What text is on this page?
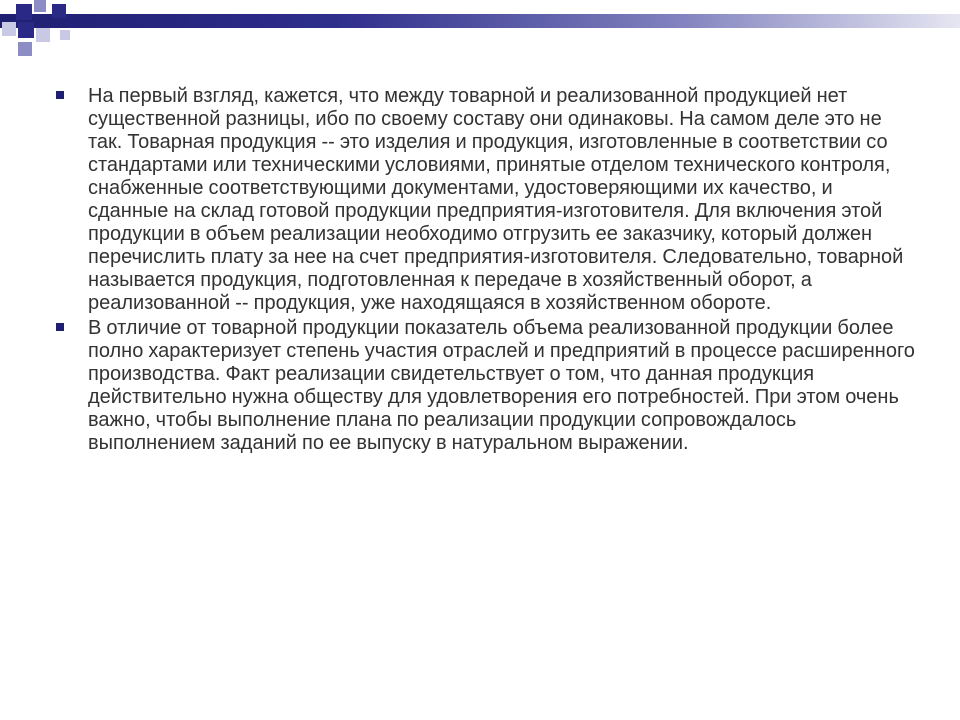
На первый взгляд, кажется, что между товарной и реализованной продукцией нет существенной разницы, ибо по своему составу они одинаковы. На самом деле это не так. Товарная продукция -- это изделия и продукция, изготовленные в соответствии со стандартами или техническими условиями, принятые отделом технического контроля, снабженные соответствующими документами, удостоверяющими их качество, и сданные на склад готовой продукции предприятия-изготовителя. Для включения этой продукции в объем реализации необходимо отгрузить ее заказчику, который должен перечислить плату за нее на счет предприятия-изготовителя. Следовательно, товарной называется продукция, подготовленная к передаче в хозяйственный оборот, а реализованной -- продукция, уже находящаяся в хозяйственном обороте.

В отличие от товарной продукции показатель объема реализованной продукции более полно характеризует степень участия отраслей и предприятий в процессе расширенного производства. Факт реализации свидетельствует о том, что данная продукция действительно нужна обществу для удовлетворения его потребностей. При этом очень важно, чтобы выполнение плана по реализации продукции сопровождалось выполнением заданий по ее выпуску в натуральном выражении.
